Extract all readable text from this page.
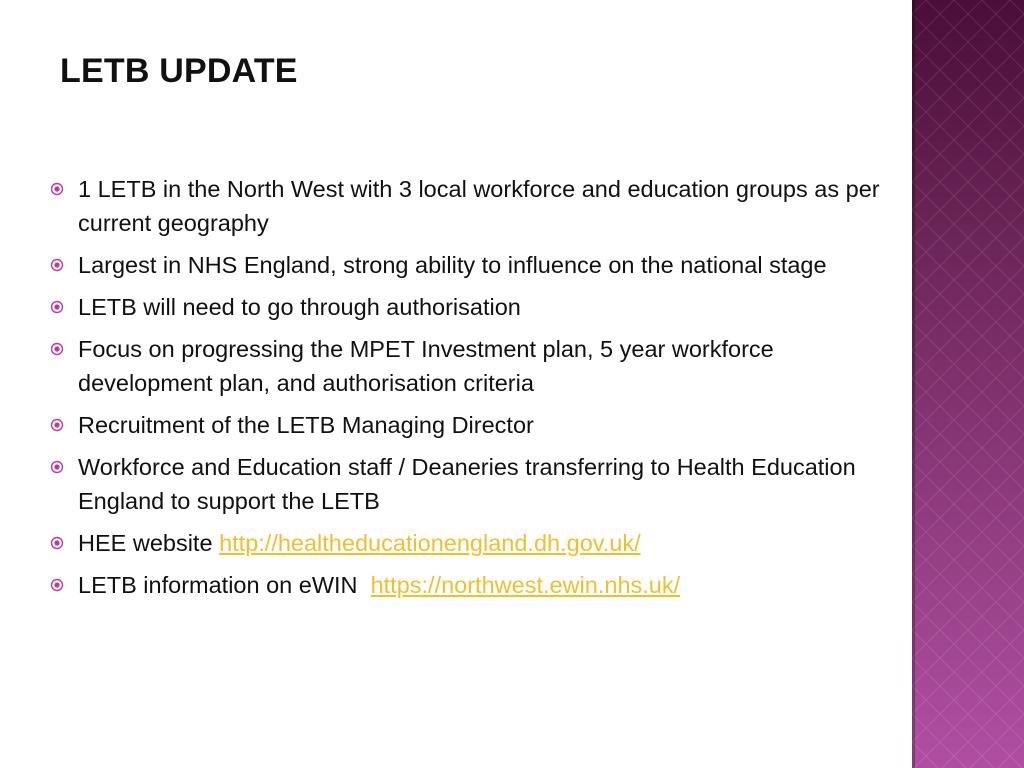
LETB UPDATE
1 LETB in the North West with 3 local workforce and education groups as per current geography
Largest in NHS England, strong ability to influence on the national stage
LETB will need to go through authorisation
Focus on progressing the MPET Investment plan, 5 year workforce development plan, and authorisation criteria
Recruitment of the LETB Managing Director
Workforce and Education staff / Deaneries transferring to Health Education England to support the LETB
HEE website http://healtheducationengland.dh.gov.uk/
LETB information on eWIN  https://northwest.ewin.nhs.uk/
